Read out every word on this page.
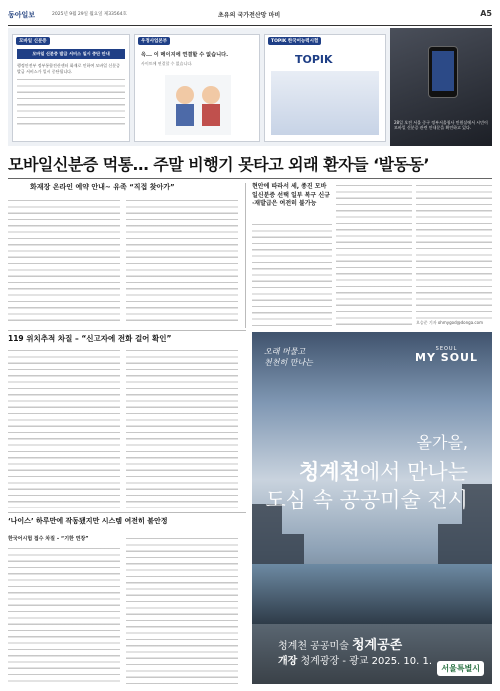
동아일보	2025년 9월 29일 월요일 제33564호	초유의 국가전산망 마비	A5
모바일 신분증
모바일 신분증 발급 서비스 일시 중단 안내
행정안전부 정부통합전산센터 화재로 인하여 모바일 신분증 발급 서비스가 일시 중단됩니다.
우정사업본부
윽... 이 메이지에 연결할 수 없습니다.
사이트에 연결할 수 없습니다.
TOPIK 한국어능력시험
TOPIK
28일 오전 서울 중구 정부서울청사 민원실에서 시민이 모바일 신분증 관련 안내문을 확인하고 있다.
모바일신분증 먹통… 주말 비행기 못타고 외래 환자들 ‘발동동’
화재장 온라인 예약 안내~ 유족 “직접 찾아가”	현안에 따라서 세, 종진 모바일신분증 선택 일부 복구 신규·재발급은 여전히 불가능
오승준 기자 ohmygod@donga.com
119 위치추적 차질 – “신고자에 전화 걸어 확인”
‘나이스’ 하루만에 작동됐지만 시스템 여전히 불안정
한국어시험 접수 차질 – “기한 연장”
오래 머물고
천천히 만나는
SEOUL
MY SOUL
올가을,
청계천에서 만나는
도심 속 공공미술 전시
청계천 공공미술 청계공존
개장 청계광장 - 광교 2025. 10. 1.
서울특별시
